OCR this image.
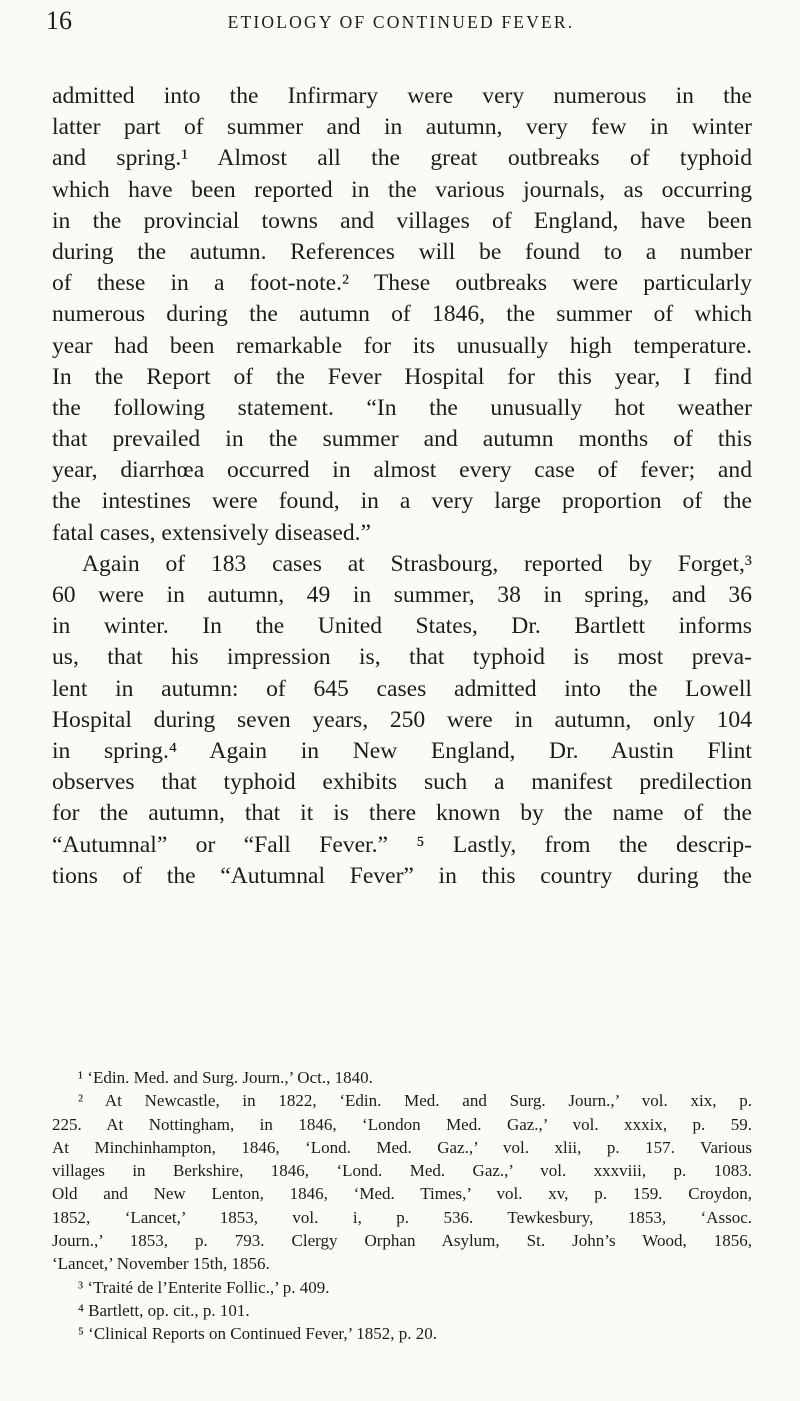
16	ETIOLOGY OF CONTINUED FEVER.
admitted into the Infirmary were very numerous in the
latter part of summer and in autumn, very few in winter
and spring.¹ Almost all the great outbreaks of typhoid
which have been reported in the various journals, as occurring
in the provincial towns and villages of England, have been
during the autumn. References will be found to a number
of these in a foot-note.² These outbreaks were particularly
numerous during the autumn of 1846, the summer of which
year had been remarkable for its unusually high temperature.
In the Report of the Fever Hospital for this year, I find
the following statement. “In the unusually hot weather
that prevailed in the summer and autumn months of this
year, diarrhœa occurred in almost every case of fever; and
the intestines were found, in a very large proportion of the
fatal cases, extensively diseased.”
Again of 183 cases at Strasbourg, reported by Forget,³
60 were in autumn, 49 in summer, 38 in spring, and 36
in winter. In the United States, Dr. Bartlett informs
us, that his impression is, that typhoid is most preva-
lent in autumn: of 645 cases admitted into the Lowell
Hospital during seven years, 250 were in autumn, only 104
in spring.⁴ Again in New England, Dr. Austin Flint
observes that typhoid exhibits such a manifest predilection
for the autumn, that it is there known by the name of the
“Autumnal” or “Fall Fever.” ⁵ Lastly, from the descrip-
tions of the “Autumnal Fever” in this country during the
¹ ‘Edin. Med. and Surg. Journ.,’ Oct., 1840.
² At Newcastle, in 1822, ‘Edin. Med. and Surg. Journ.,’ vol. xix, p.
225. At Nottingham, in 1846, ‘London Med. Gaz.,’ vol. xxxix, p. 59.
At Minchinhampton, 1846, ‘Lond. Med. Gaz.,’ vol. xlii, p. 157. Various
villages in Berkshire, 1846, ‘Lond. Med. Gaz.,’ vol. xxxviii, p. 1083.
Old and New Lenton, 1846, ‘Med. Times,’ vol. xv, p. 159. Croydon,
1852, ‘Lancet,’ 1853, vol. i, p. 536. Tewkesbury, 1853, ‘Assoc.
Journ.,’ 1853, p. 793. Clergy Orphan Asylum, St. John’s Wood, 1856,
‘Lancet,’ November 15th, 1856.
³ ‘Traité de l’Enterite Follic.,’ p. 409.
⁴ Bartlett, op. cit., p. 101.
⁵ ‘Clinical Reports on Continued Fever,’ 1852, p. 20.
